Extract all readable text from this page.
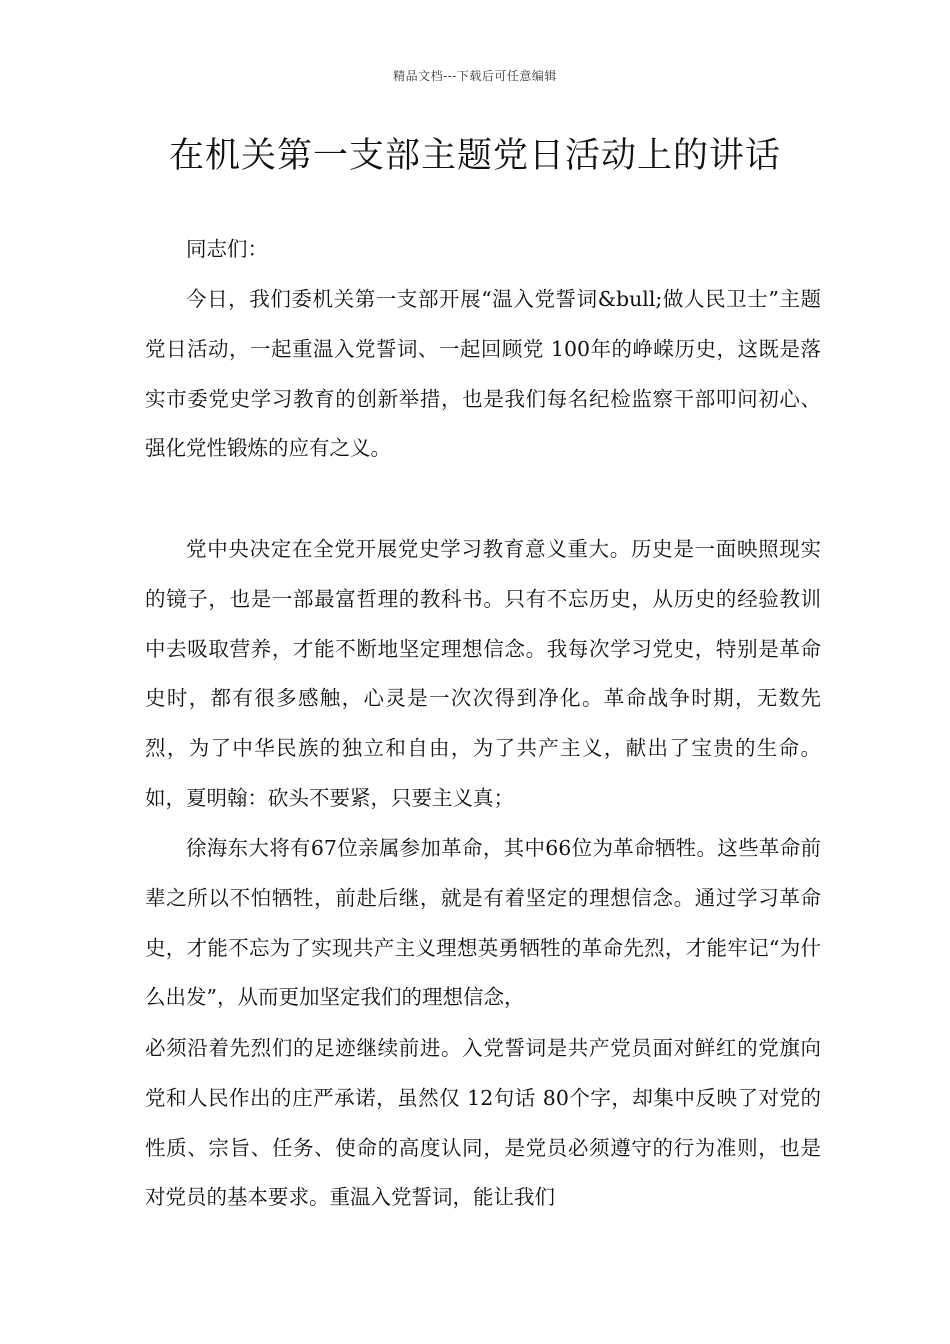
精品文档---下载后可任意编辑
在机关第一支部主题党日活动上的讲话

同志们：

今日，我们委机关第一支部开展“温入党誓词&bull;做人民卫士”主题党日活动，一起重温入党誓词、一起回顾党 100年的峥嵘历史，这既是落实市委党史学习教育的创新举措，也是我们每名纪检监察干部叩问初心、强化党性锻炼的应有之义。

党中央决定在全党开展党史学习教育意义重大。历史是一面映照现实的镜子，也是一部最富哲理的教科书。只有不忘历史，从历史的经验教训中去吸取营养，才能不断地坚定理想信念。我每次学习党史，特别是革命史时，都有很多感触，心灵是一次次得到净化。革命战争时期，无数先烈，为了中华民族的独立和自由，为了共产主义，献出了宝贵的生命。如，夏明翰：砍头不要紧，只要主义真；

徐海东大将有67位亲属参加革命，其中66位为革命牺牲。这些革命前辈之所以不怕牺牲，前赴后继，就是有着坚定的理想信念。通过学习革命史，才能不忘为了实现共产主义理想英勇牺牲的革命先烈，才能牢记“为什么出发”，从而更加坚定我们的理想信念，

必须沿着先烈们的足迹继续前进。入党誓词是共产党员面对鲜红的党旗向党和人民作出的庄严承诺，虽然仅 12句话 80个字，却集中反映了对党的性质、宗旨、任务、使命的高度认同，是党员必须遵守的行为准则，也是对党员的基本要求。重温入党誓词，能让我们
